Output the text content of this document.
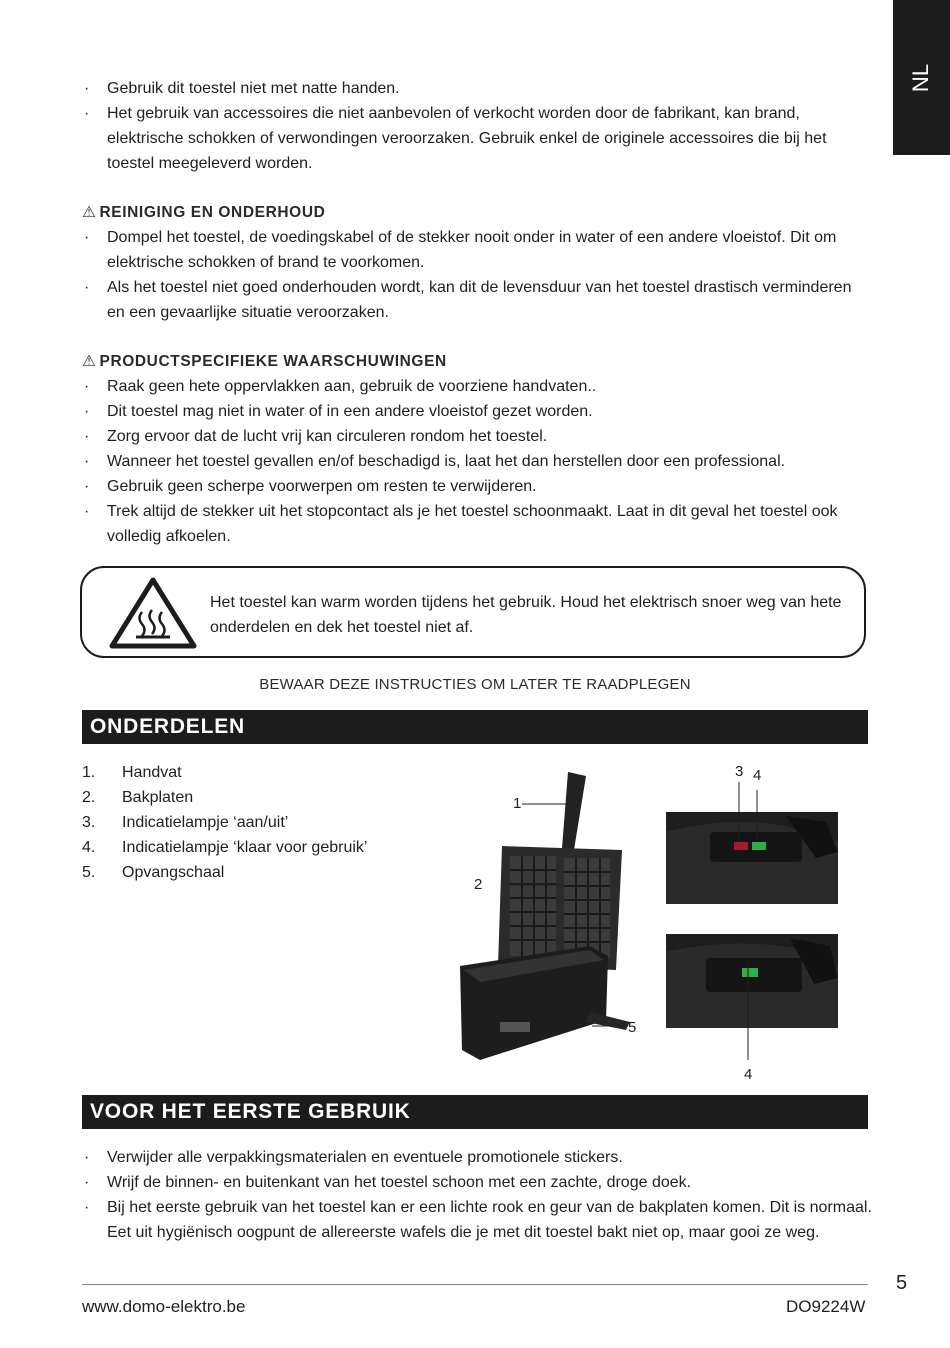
NL

· Gebruik dit toestel niet met natte handen.

· Het gebruik van accessoires die niet aanbevolen of verkocht worden door de fabrikant, kan brand, elektrische schokken of verwondingen veroorzaken. Gebruik enkel de originele accessoires die bij het toestel meegeleverd worden.

⚠ REINIGING EN ONDERHOUD

· Dompel het toestel, de voedingskabel of de stekker nooit onder in water of een andere vloeistof. Dit om elektrische schokken of brand te voorkomen.

· Als het toestel niet goed onderhouden wordt, kan dit de levensduur van het toestel drastisch verminderen en een gevaarlijke situatie veroorzaken.

⚠ PRODUCTSPECIFIEKE WAARSCHUWINGEN

· Raak geen hete oppervlakken aan, gebruik de voorziene handvaten..

· Dit toestel mag niet in water of in een andere vloeistof gezet worden.

· Zorg ervoor dat de lucht vrij kan circuleren rondom het toestel.

· Wanneer het toestel gevallen en/of beschadigd is, laat het dan herstellen door een professional.

· Gebruik geen scherpe voorwerpen om resten te verwijderen.

· Trek altijd de stekker uit het stopcontact als je het toestel schoonmaakt. Laat in dit geval het toestel ook volledig afkoelen.

Het toestel kan warm worden tijdens het gebruik. Houd het elektrisch snoer weg van hete onderdelen en dek het toestel niet af.
BEWAAR DEZE INSTRUCTIES OM LATER TE RAADPLEGEN
ONDERDELEN
1. Handvat
2. Bakplaten
3. Indicatielampje ‘aan/uit’
4. Indicatielampje ‘klaar voor gebruik’
5. Opvangschaal
1
2
3 4
5
4
VOOR HET EERSTE GEBRUIK

· Verwijder alle verpakkingsmaterialen en eventuele promotionele stickers.

· Wrijf de binnen- en buitenkant van het toestel schoon met een zachte, droge doek.

· Bij het eerste gebruik van het toestel kan er een lichte rook en geur van de bakplaten komen. Dit is normaal. Eet uit hygiënisch oogpunt de allereerste wafels die je met dit toestel bakt niet op, maar gooi ze weg.

www.domo-elektro.be	DO9224W
5
